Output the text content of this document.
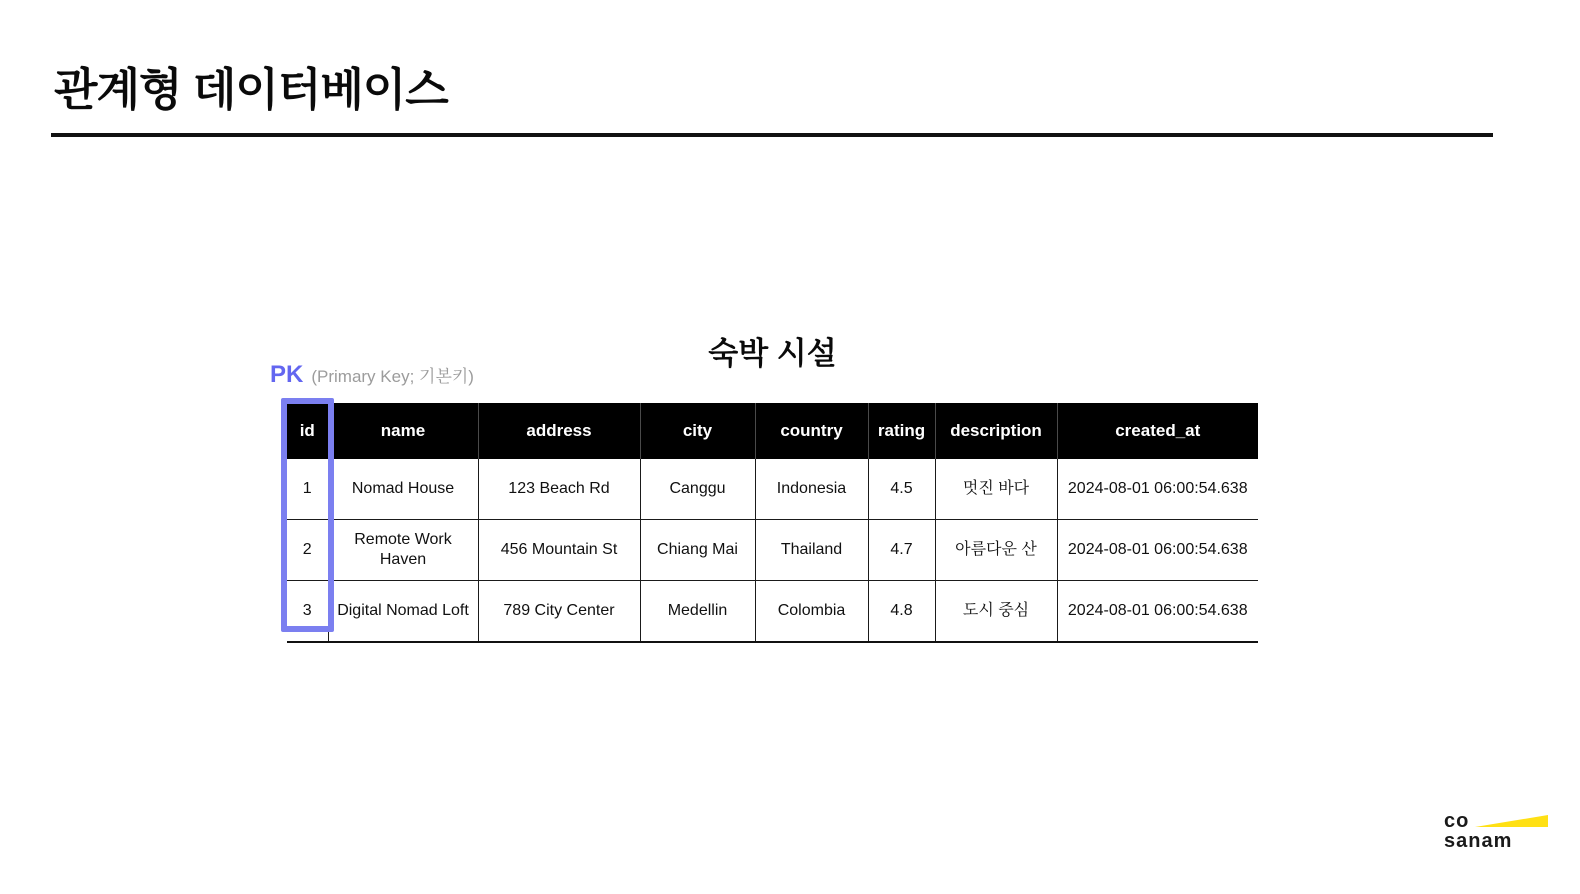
관계형 데이터베이스
PK (Primary Key; 기본키)
숙박 시설
id	name	address	city	country	rating	description	created_at
1	Nomad House	123 Beach Rd	Canggu	Indonesia	4.5	멋진 바다	2024-08-01 06:00:54.638
2	Remote Work Haven	456 Mountain St	Chiang Mai	Thailand	4.7	아름다운 산	2024-08-01 06:00:54.638
3	Digital Nomad Loft	789 City Center	Medellin	Colombia	4.8	도시 중심	2024-08-01 06:00:54.638
co
sanam
